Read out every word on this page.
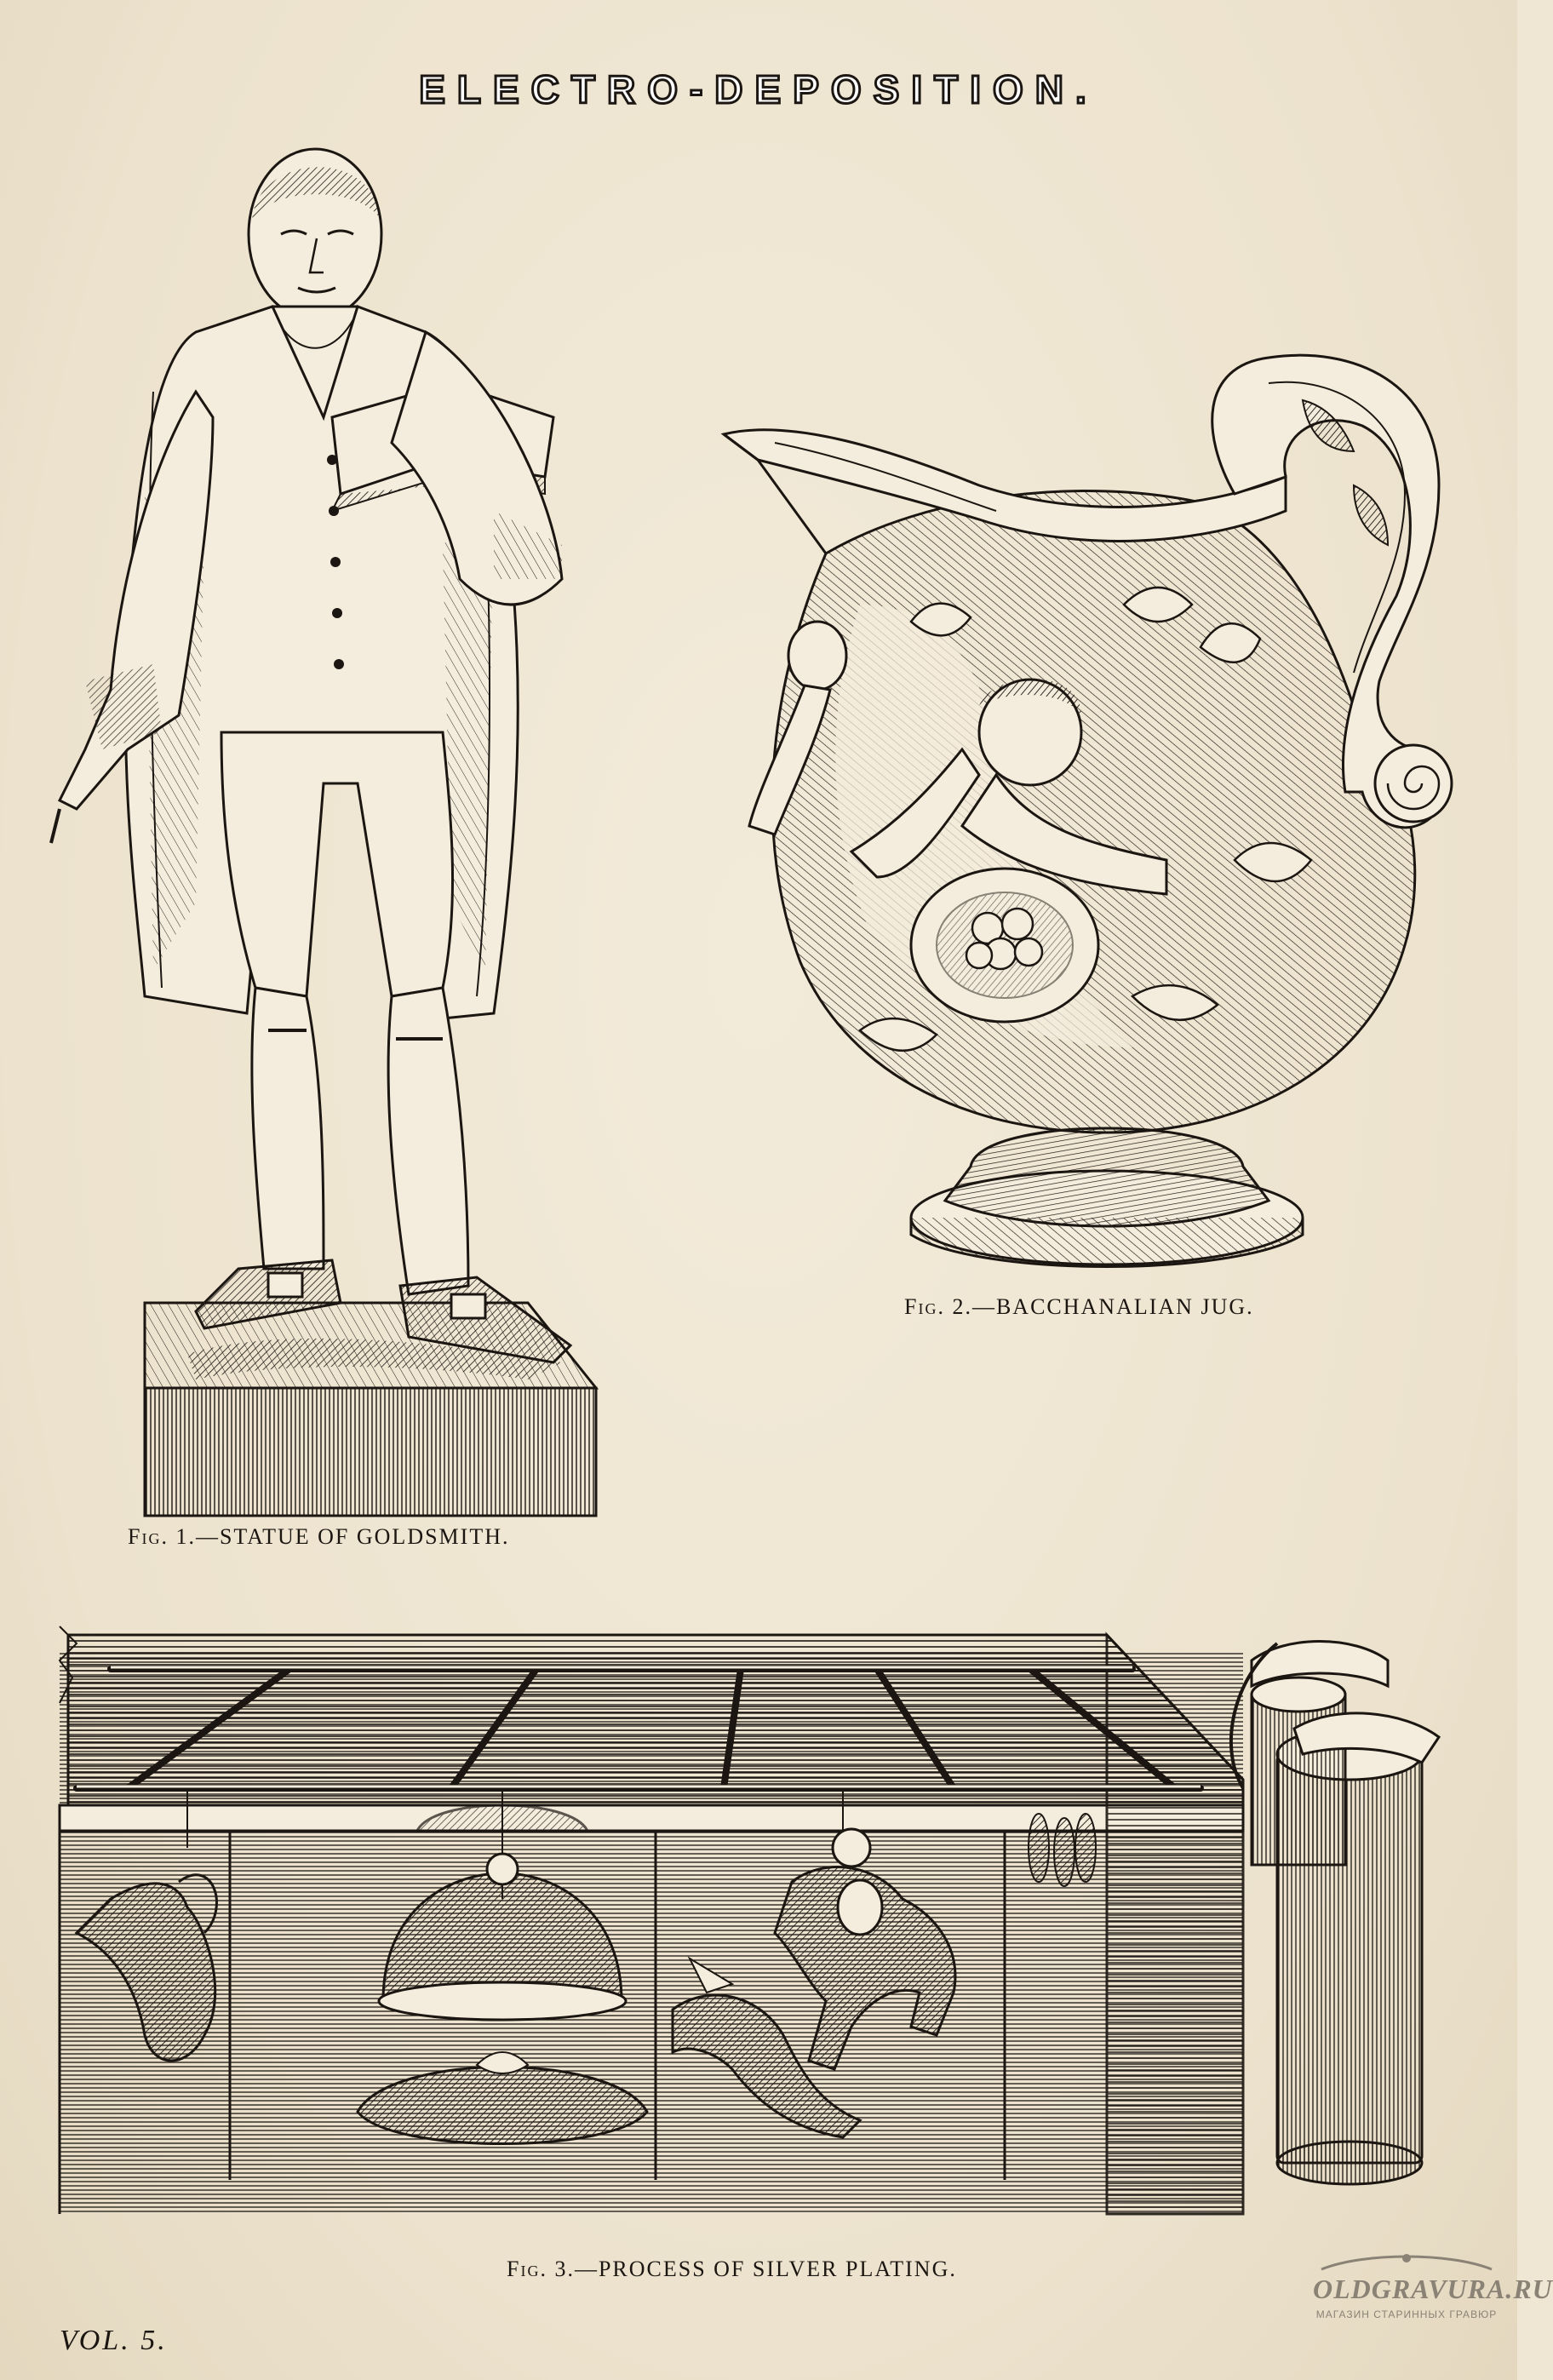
ELECTRO-DEPOSITION.
Fig. 1.—STATUE OF GOLDSMITH.
Fig. 2.—BACCHANALIAN JUG.
Fig. 3.—PROCESS OF SILVER PLATING.
VOL. 5.
OLDGRAVURA.RU
МАГАЗИН СТАРИННЫХ ГРАВЮР
